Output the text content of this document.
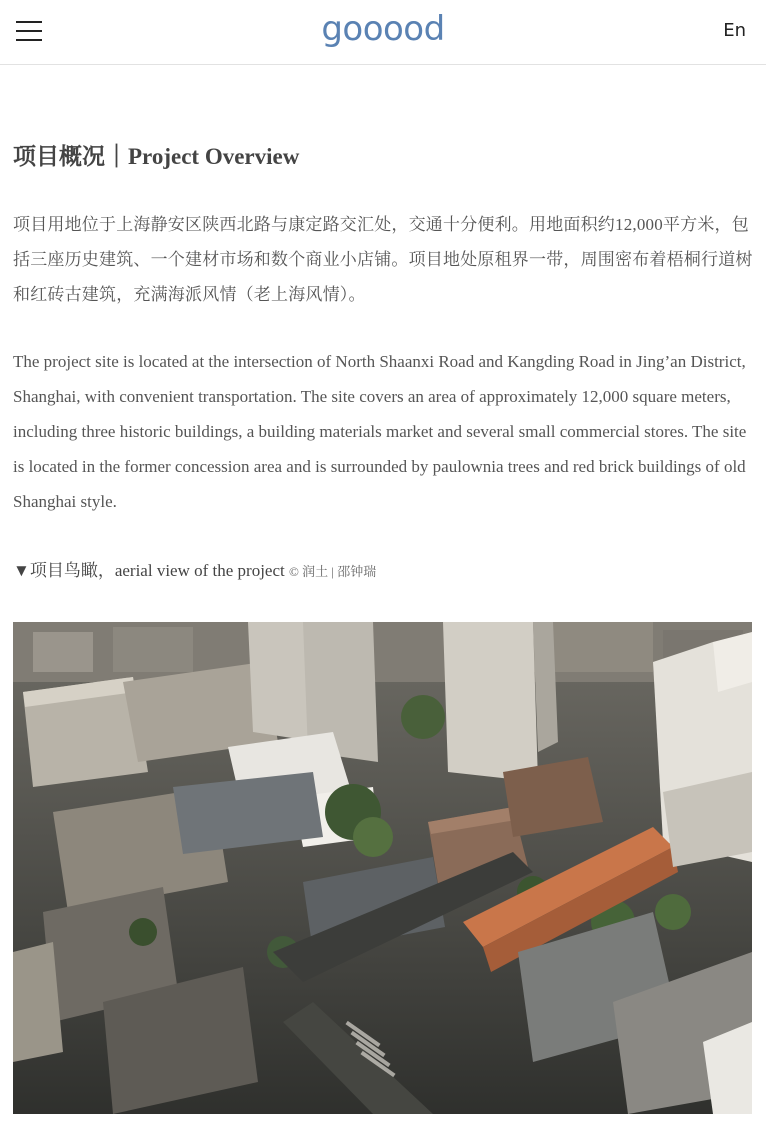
gooood	En
项目概况｜Project Overview

项目用地位于上海静安区陕西北路与康定路交汇处，交通十分便利。用地面积约12,000平方米，包括三座历史建筑、一个建材市场和数个商业小店铺。项目地处原租界一带，周围密布着梧桐行道树和红砖古建筑，充满海派风情（老上海风情）。

The project site is located at the intersection of North Shaanxi Road and Kangding Road in Jing’an District, Shanghai, with convenient transportation. The site covers an area of approximately 12,000 square meters, including three historic buildings, a building materials market and several small commercial stores. The site is located in the former concession area and is surrounded by paulownia trees and red brick buildings of old Shanghai style.

▼项目鸟瞰，aerial view of the project © 润土 | 邵钟瑞
